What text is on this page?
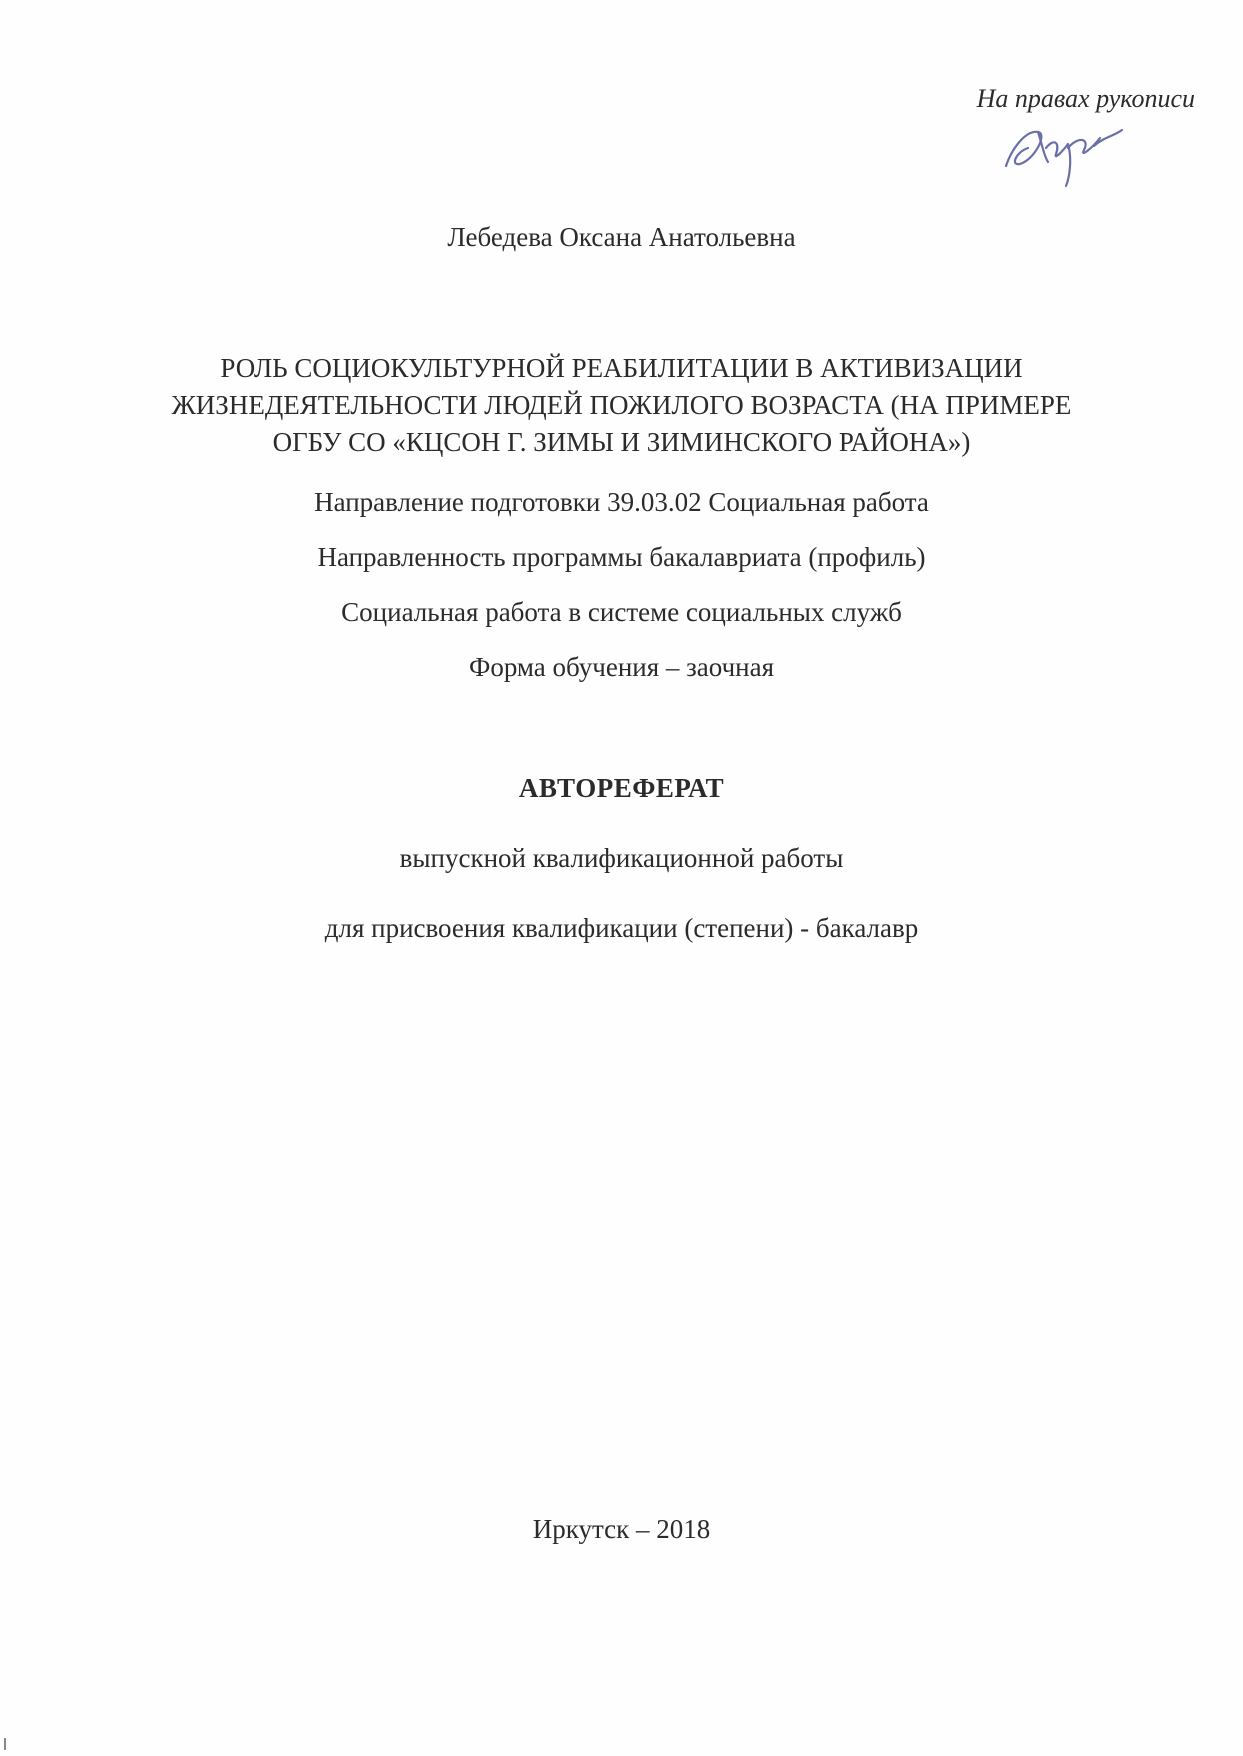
На правах рукописи
Лебедева Оксана Анатольевна
РОЛЬ СОЦИОКУЛЬТУРНОЙ РЕАБИЛИТАЦИИ В АКТИВИЗАЦИИ
ЖИЗНЕДЕЯТЕЛЬНОСТИ ЛЮДЕЙ ПОЖИЛОГО ВОЗРАСТА (НА ПРИМЕРЕ
ОГБУ СО «КЦСОН Г. ЗИМЫ И ЗИМИНСКОГО РАЙОНА»)
Направление подготовки 39.03.02 Социальная работа
Направленность программы бакалавриата (профиль)
Социальная работа в системе социальных служб
Форма обучения – заочная
АВТОРЕФЕРАТ
выпускной квалификационной работы
для присвоения квалификации (степени) - бакалавр
Иркутск – 2018
